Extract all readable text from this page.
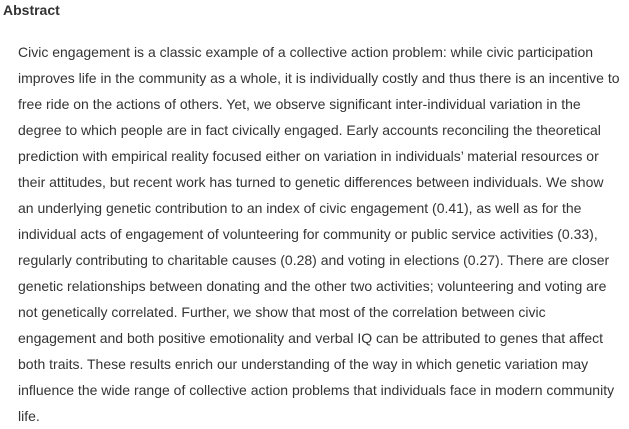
Abstract

Civic engagement is a classic example of a collective action problem: while civic participation
improves life in the community as a whole, it is individually costly and thus there is an incentive to
free ride on the actions of others. Yet, we observe significant inter-individual variation in the
degree to which people are in fact civically engaged. Early accounts reconciling the theoretical
prediction with empirical reality focused either on variation in individuals’ material resources or
their attitudes, but recent work has turned to genetic differences between individuals. We show
an underlying genetic contribution to an index of civic engagement (0.41), as well as for the
individual acts of engagement of volunteering for community or public service activities (0.33),
regularly contributing to charitable causes (0.28) and voting in elections (0.27). There are closer
genetic relationships between donating and the other two activities; volunteering and voting are
not genetically correlated. Further, we show that most of the correlation between civic
engagement and both positive emotionality and verbal IQ can be attributed to genes that affect
both traits. These results enrich our understanding of the way in which genetic variation may
influence the wide range of collective action problems that individuals face in modern community
life.
